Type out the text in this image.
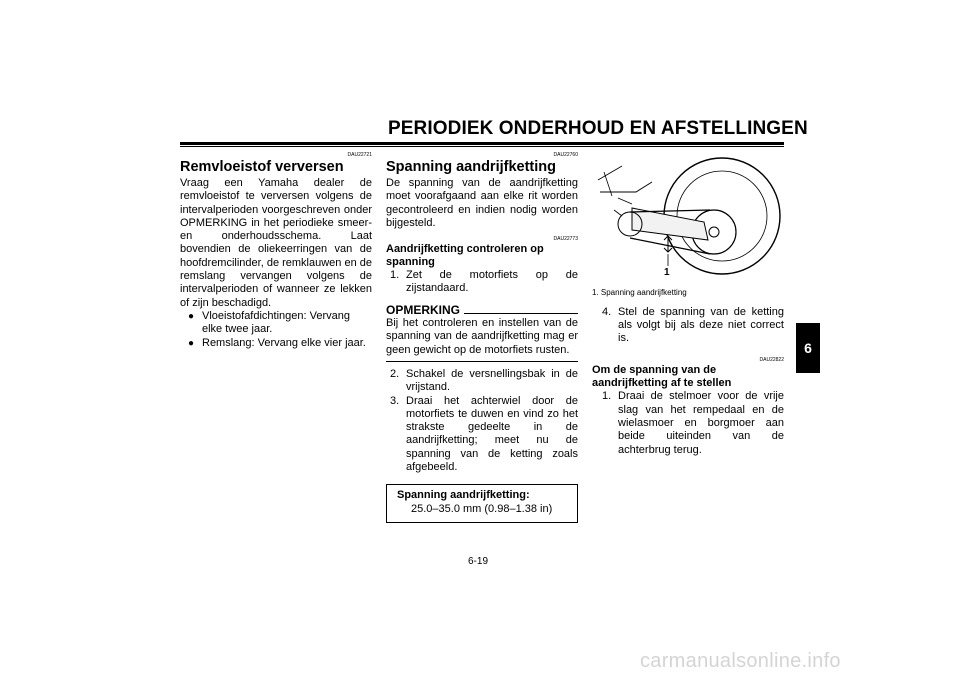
PERIODIEK ONDERHOUD EN AFSTELLINGEN
6
DAU22721
Remvloeistof verversen

Vraag een Yamaha dealer de remvloeistof te verversen volgens de intervalperioden voorgeschreven onder OPMERKING in het periodieke smeer- en onderhoudsschema. Laat bovendien de oliekeerringen van de hoofdremcilinder, de remklauwen en de remslang vervangen volgens de intervalperioden of wanneer ze lekken of zijn beschadigd.

● Vloeistofafdichtingen: Vervang elke twee jaar.
● Remslang: Vervang elke vier jaar.
DAU22760
Spanning aandrijfketting

De spanning van de aandrijfketting moet voorafgaand aan elke rit worden gecontroleerd en indien nodig worden bijgesteld.

DAU22773
Aandrijfketting controleren op spanning
1. Zet de motorfiets op de zijstandaard.
OPMERKING

Bij het controleren en instellen van de spanning van de aandrijfketting mag er geen gewicht op de motorfiets rusten.

2. Schakel de versnellingsbak in de vrijstand.
3. Draai het achterwiel door de motorfiets te duwen en vind zo het strakste gedeelte in de aandrijfketting; meet nu de spanning van de ketting zoals afgebeeld.
Spanning aandrijfketting:
25.0–35.0 mm (0.98–1.38 in)
1
1. Spanning aandrijfketting
4. Stel de spanning van de ketting als volgt bij als deze niet correct is.
DAU22822
Om de spanning van de aandrijfketting af te stellen
1. Draai de stelmoer voor de vrije slag van het rempedaal en de wielasmoer en borgmoer aan beide uiteinden van de achterbrug terug.
6-19
carmanualsonline.info
